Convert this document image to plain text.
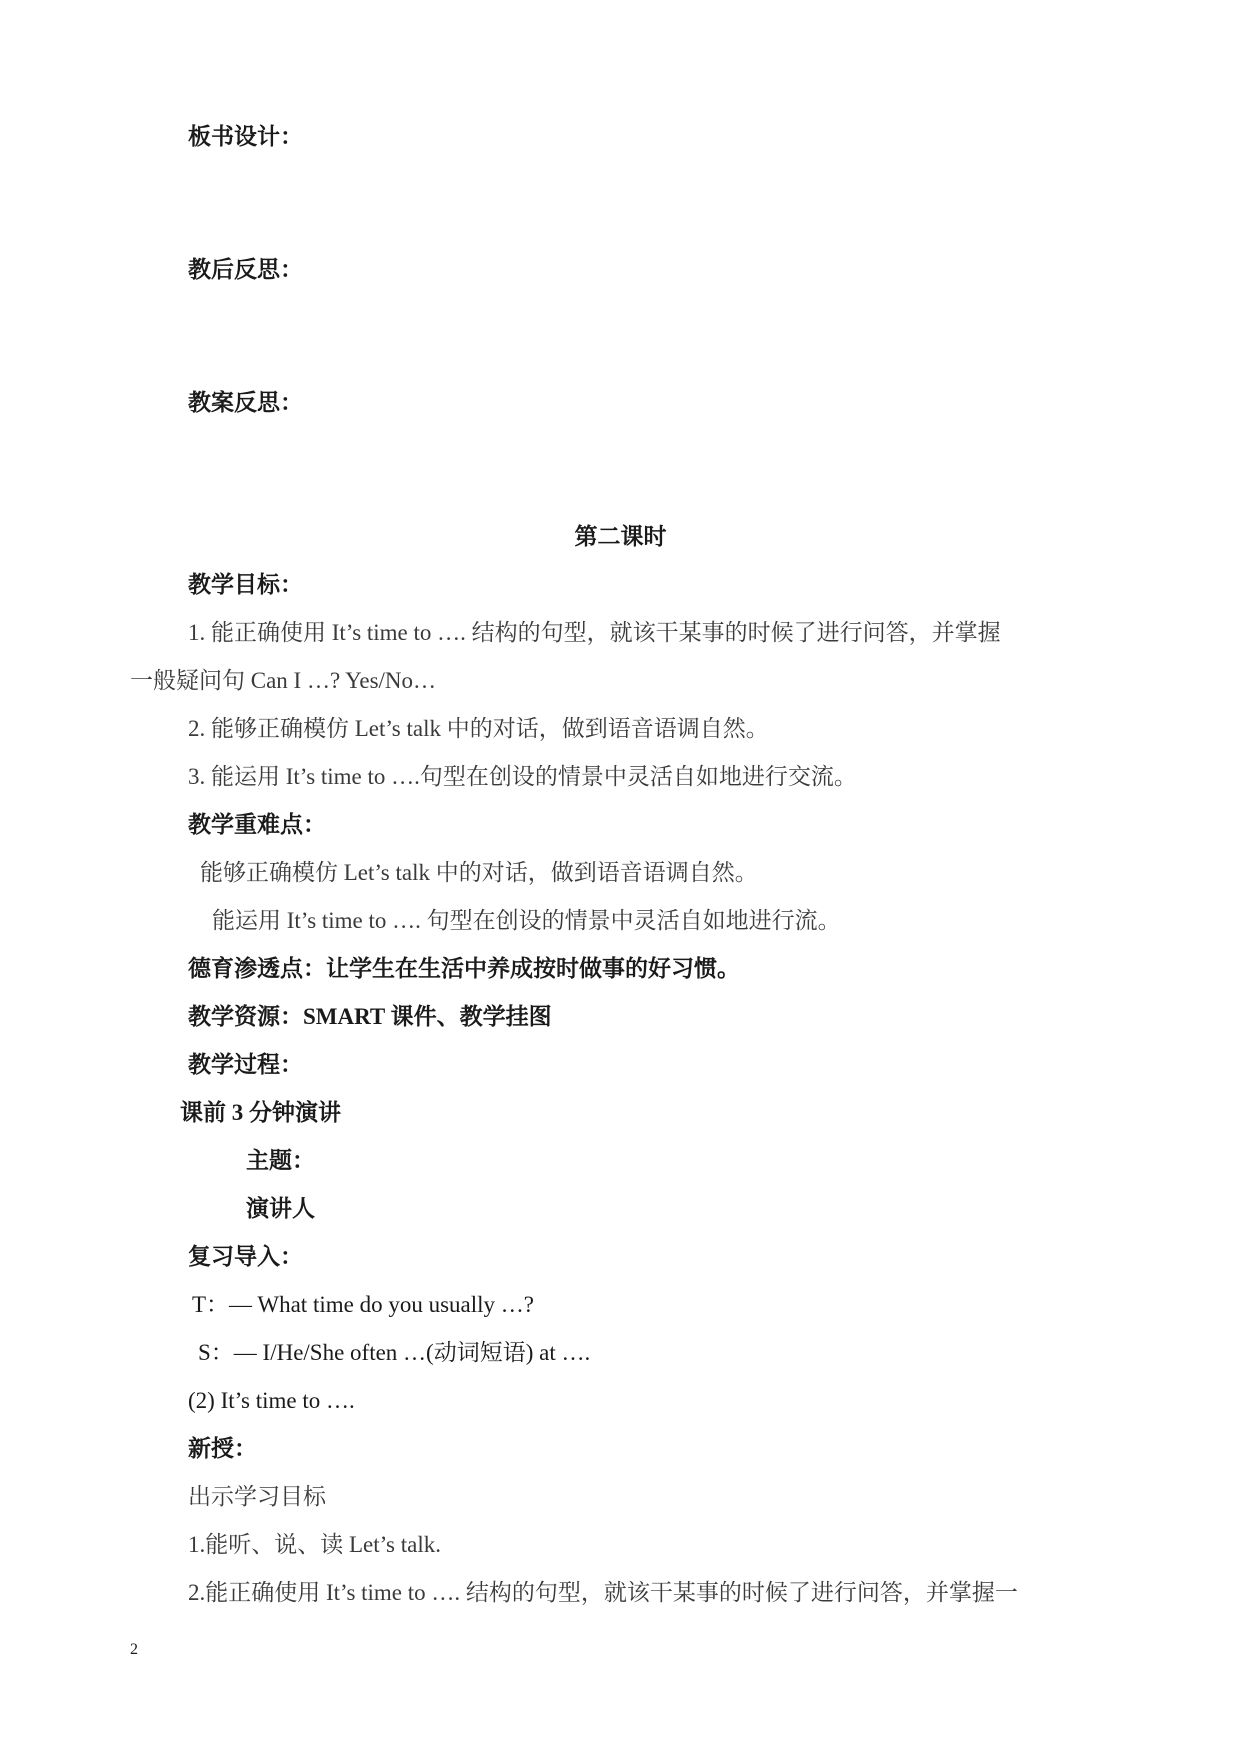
板书设计：
教后反思：
教案反思：
第二课时
教学目标：
1. 能正确使用 It’s time to …. 结构的句型，就该干某事的时候了进行问答，并掌握
一般疑问句 Can I …? Yes/No…
2. 能够正确模仿 Let’s talk 中的对话，做到语音语调自然。
3. 能运用 It’s time to ….句型在创设的情景中灵活自如地进行交流。
教学重难点：
能够正确模仿 Let’s talk 中的对话，做到语音语调自然。
能运用 It’s time to …. 句型在创设的情景中灵活自如地进行流。
德育渗透点：让学生在生活中养成按时做事的好习惯。
教学资源：SMART 课件、教学挂图
教学过程：
课前 3 分钟演讲
主题：
演讲人
复习导入：
T：— What time do you usually …?
S：— I/He/She often …(动词短语) at ….
(2) It’s time to ….
新授：
出示学习目标
1.能听、说、读 Let’s talk.
2.能正确使用 It’s time to …. 结构的句型，就该干某事的时候了进行问答，并掌握一
2
